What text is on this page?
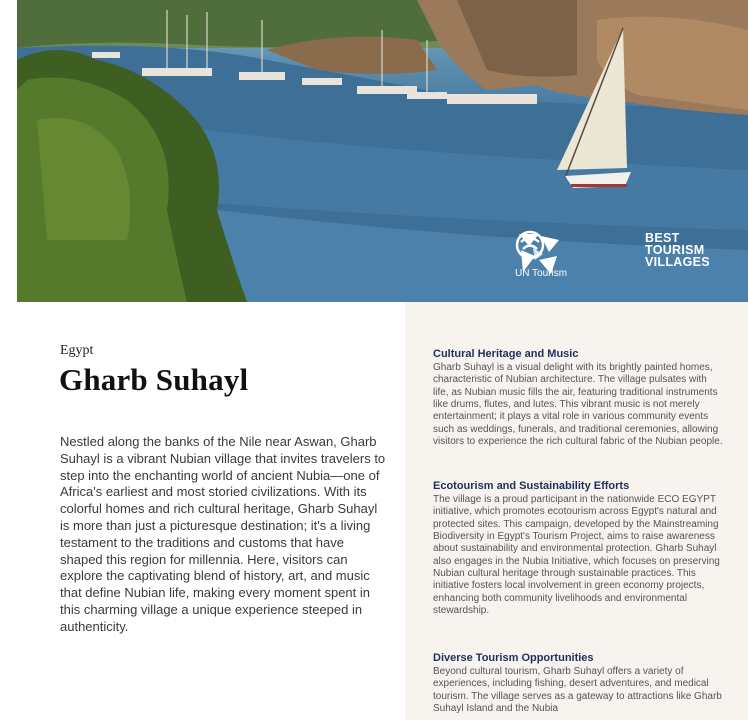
UN Tourism
BEST
TOURISM
VILLAGES
Egypt
Gharb Suhayl

Nestled along the banks of the Nile near Aswan, Gharb Suhayl is a vibrant Nubian village that invites travelers to step into the enchanting world of ancient Nubia—one of Africa's earliest and most storied civilizations. With its colorful homes and rich cultural heritage, Gharb Suhayl is more than just a picturesque destination; it's a living testament to the traditions and customs that have shaped this region for millennia. Here, visitors can explore the captivating blend of history, art, and music that define Nubian life, making every moment spent in this charming village a unique experience steeped in authenticity.

Cultural Heritage and Music

Gharb Suhayl is a visual delight with its brightly painted homes, characteristic of Nubian architecture. The village pulsates with life, as Nubian music fills the air, featuring traditional instruments like drums, flutes, and lutes. This vibrant music is not merely entertainment; it plays a vital role in various community events such as weddings, funerals, and traditional ceremonies, allowing visitors to experience the rich cultural fabric of the Nubian people.

Ecotourism and Sustainability Efforts

The village is a proud participant in the nationwide ECO EGYPT initiative, which promotes ecotourism across Egypt's natural and protected sites. This campaign, developed by the Mainstreaming Biodiversity in Egypt's Tourism Project, aims to raise awareness about sustainability and environmental protection. Gharb Suhayl also engages in the Nubia Initiative, which focuses on preserving Nubian cultural heritage through sustainable practices. This initiative fosters local involvement in green economy projects, enhancing both community livelihoods and environmental stewardship.

Diverse Tourism Opportunities

Beyond cultural tourism, Gharb Suhayl offers a variety of experiences, including fishing, desert adventures, and medical tourism. The village serves as a gateway to attractions like Gharb Suhayl Island and the Nubia
